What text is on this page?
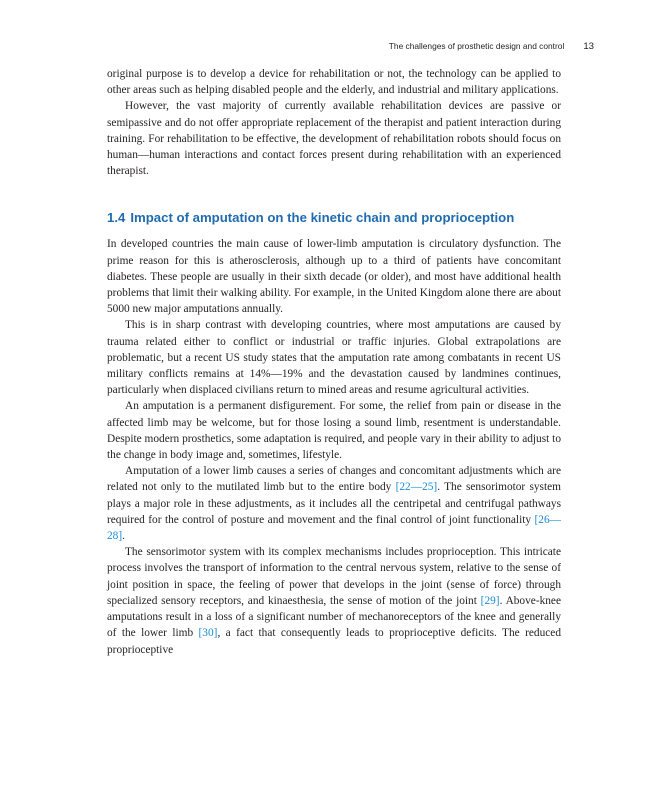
The challenges of prosthetic design and control 13

original purpose is to develop a device for rehabilitation or not, the technology can be applied to other areas such as helping disabled people and the elderly, and industrial and military applications.

However, the vast majority of currently available rehabilitation devices are passive or semipassive and do not offer appropriate replacement of the therapist and patient interaction during training. For rehabilitation to be effective, the development of rehabilitation robots should focus on human—human interactions and contact forces present during rehabilitation with an experienced therapist.

1.4 Impact of amputation on the kinetic chain and proprioception

In developed countries the main cause of lower-limb amputation is circulatory dysfunction. The prime reason for this is atherosclerosis, although up to a third of patients have concomitant diabetes. These people are usually in their sixth decade (or older), and most have additional health problems that limit their walking ability. For example, in the United Kingdom alone there are about 5000 new major amputations annually.

This is in sharp contrast with developing countries, where most amputations are caused by trauma related either to conflict or industrial or traffic injuries. Global extrapolations are problematic, but a recent US study states that the amputation rate among combatants in recent US military conflicts remains at 14%—19% and the devastation caused by landmines continues, particularly when displaced civilians return to mined areas and resume agricultural activities.

An amputation is a permanent disfigurement. For some, the relief from pain or disease in the affected limb may be welcome, but for those losing a sound limb, resentment is understandable. Despite modern prosthetics, some adaptation is required, and people vary in their ability to adjust to the change in body image and, sometimes, lifestyle.

Amputation of a lower limb causes a series of changes and concomitant adjustments which are related not only to the mutilated limb but to the entire body [22—25]. The sensorimotor system plays a major role in these adjustments, as it includes all the centripetal and centrifugal pathways required for the control of posture and movement and the final control of joint functionality [26—28].

The sensorimotor system with its complex mechanisms includes proprioception. This intricate process involves the transport of information to the central nervous system, relative to the sense of joint position in space, the feeling of power that develops in the joint (sense of force) through specialized sensory receptors, and kinaesthesia, the sense of motion of the joint [29]. Above-knee amputations result in a loss of a significant number of mechanoreceptors of the knee and generally of the lower limb [30], a fact that consequently leads to proprioceptive deficits. The reduced proprioceptive
